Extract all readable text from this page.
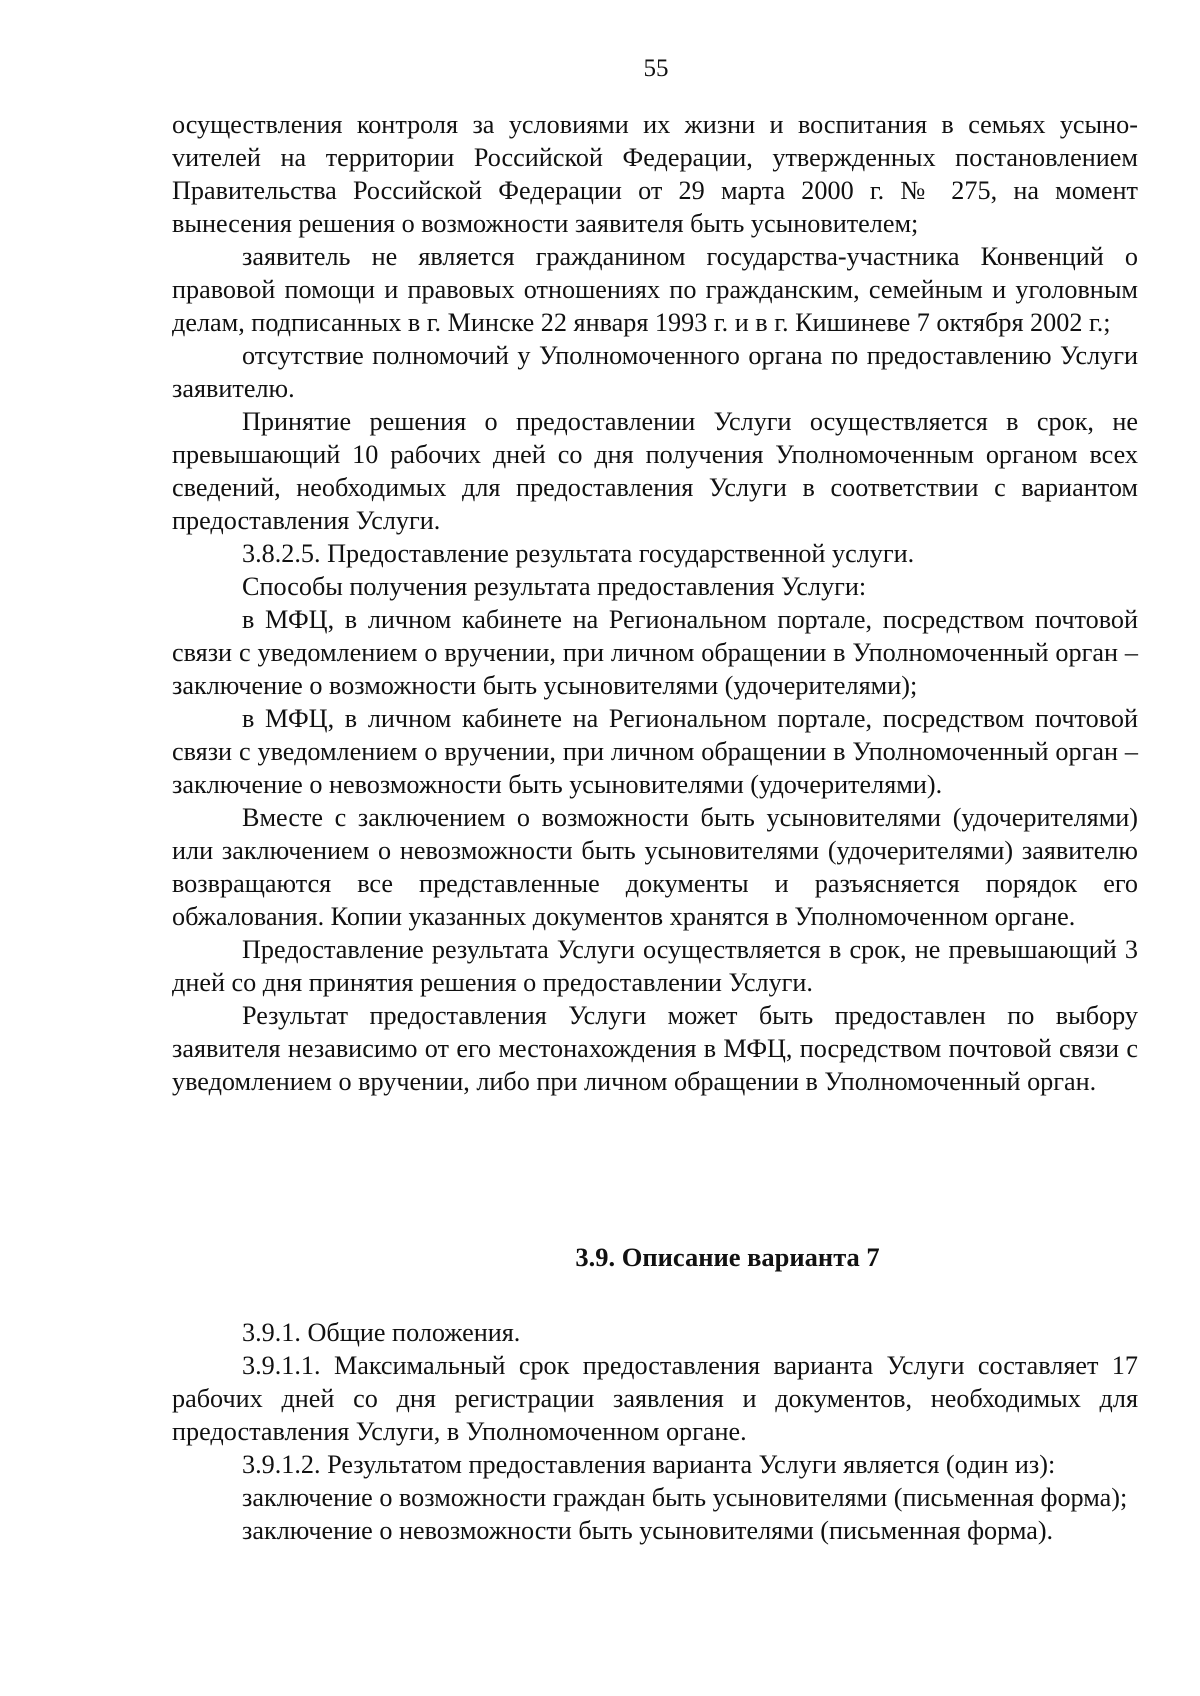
55

осуществления контроля за условиями их жизни и воспитания в семьях усыноvителей на территории Российской Федерации, утвержденных постановлением Правительства Российской Федерации от 29 марта 2000 г. № 275, на момент вынесения решения о возможности заявителя быть усыновителем;

заявитель не является гражданином государства-участника Конвенций о правовой помощи и правовых отношениях по гражданским, семейным и уголовным делам, подписанных в г. Минске 22 января 1993 г. и в г. Кишиневе 7 октября 2002 г.;

отсутствие полномочий у Уполномоченного органа по предоставлению Услуги заявителю.

Принятие решения о предоставлении Услуги осуществляется в срок, не превышающий 10 рабочих дней со дня получения Уполномоченным органом всех сведений, необходимых для предоставления Услуги в соответствии с вариантом предоставления Услуги.

3.8.2.5. Предоставление результата государственной услуги.

Способы получения результата предоставления Услуги:

в МФЦ, в личном кабинете на Региональном портале, посредством почтовой связи с уведомлением о вручении, при личном обращении в Уполномоченный орган – заключение о возможности быть усыновителями (удочерителями);

в МФЦ, в личном кабинете на Региональном портале, посредством почтовой связи с уведомлением о вручении, при личном обращении в Уполномоченный орган – заключение о невозможности быть усыновителями (удочерителями).

Вместе с заключением о возможности быть усыновителями (удочерителями) или заключением о невозможности быть усыновителями (удочерителями) заявителю возвращаются все представленные документы и разъясняется порядок его обжалования. Копии указанных документов хранятся в Уполномоченном органе.

Предоставление результата Услуги осуществляется в срок, не превышающий 3 дней со дня принятия решения о предоставлении Услуги.

Результат предоставления Услуги может быть предоставлен по выбору заявителя независимо от его местонахождения в МФЦ, посредством почтовой связи с уведомлением о вручении, либо при личном обращении в Уполномоченный орган.

3.9. Описание варианта 7

3.9.1. Общие положения.

3.9.1.1. Максимальный срок предоставления варианта Услуги составляет 17 рабочих дней со дня регистрации заявления и документов, необходимых для предоставления Услуги, в Уполномоченном органе.

3.9.1.2. Результатом предоставления варианта Услуги является (один из):

заключение о возможности граждан быть усыновителями (письменная форма);

заключение о невозможности быть усыновителями (письменная форма).
